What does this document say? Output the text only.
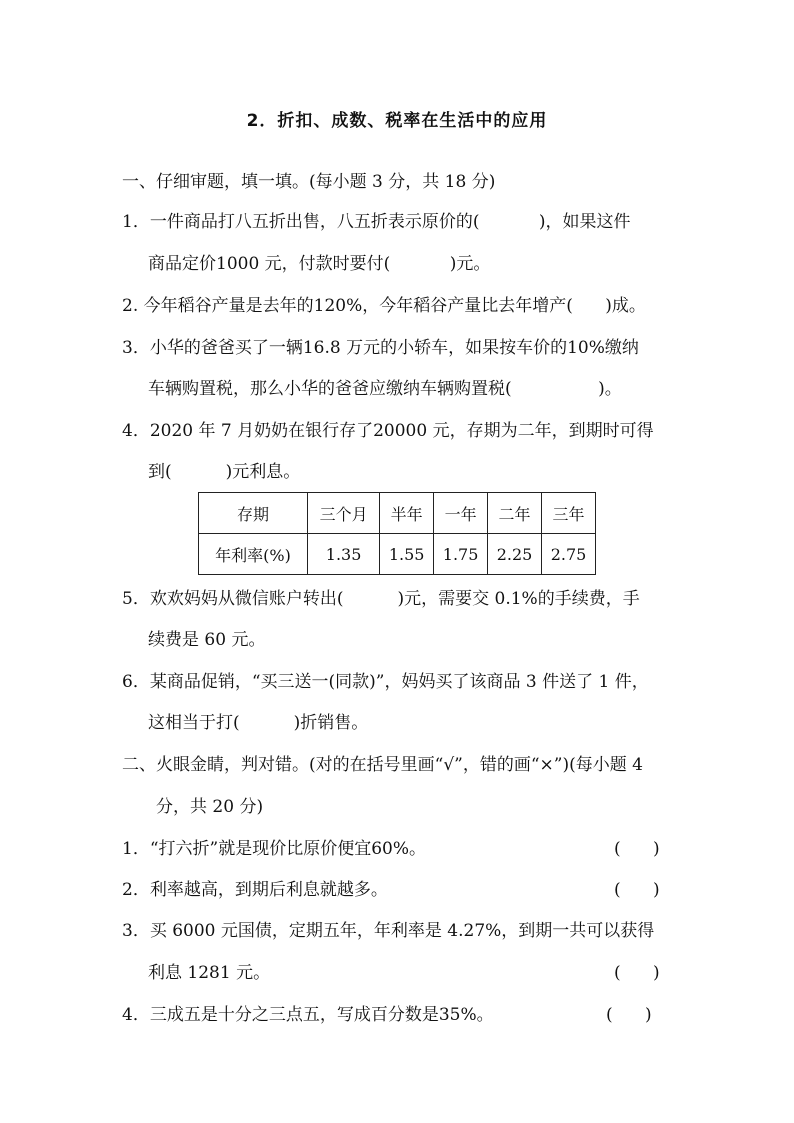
2．折扣、成数、税率在生活中的应用
一、仔细审题，填一填。(每小题 3 分，共 18 分)
1．一件商品打八五折出售，八五折表示原价的(           )，如果这件
商品定价1000 元，付款时要付(           )元。
2. 今年稻谷产量是去年的120%，今年稻谷产量比去年增产(      )成。
3．小华的爸爸买了一辆16.8 万元的小轿车，如果按车价的10%缴纳
车辆购置税，那么小华的爸爸应缴纳车辆购置税(                )。
4．2020 年 7 月奶奶在银行存了20000 元，存期为二年，到期时可得
到(          )元利息。
存期	三个月	半年	一年	二年	三年
年利率(%)	1.35	1.55	1.75	2.25	2.75
5．欢欢妈妈从微信账户转出(          )元，需要交 0.1%的手续费，手
续费是 60 元。
6．某商品促销，“买三送一(同款)”，妈妈买了该商品 3 件送了 1 件，
这相当于打(          )折销售。
二、火眼金睛，判对错。(对的在括号里画“√”，错的画“×”)(每小题 4
分，共 20 分)
1．“打六折”就是现价比原价便宜60%。	(      )
2．利率越高，到期后利息就越多。	(      )
3．买 6000 元国债，定期五年，年利率是 4.27%，到期一共可以获得
利息 1281 元。	(      )
4．三成五是十分之三点五，写成百分数是35%。	(      )
